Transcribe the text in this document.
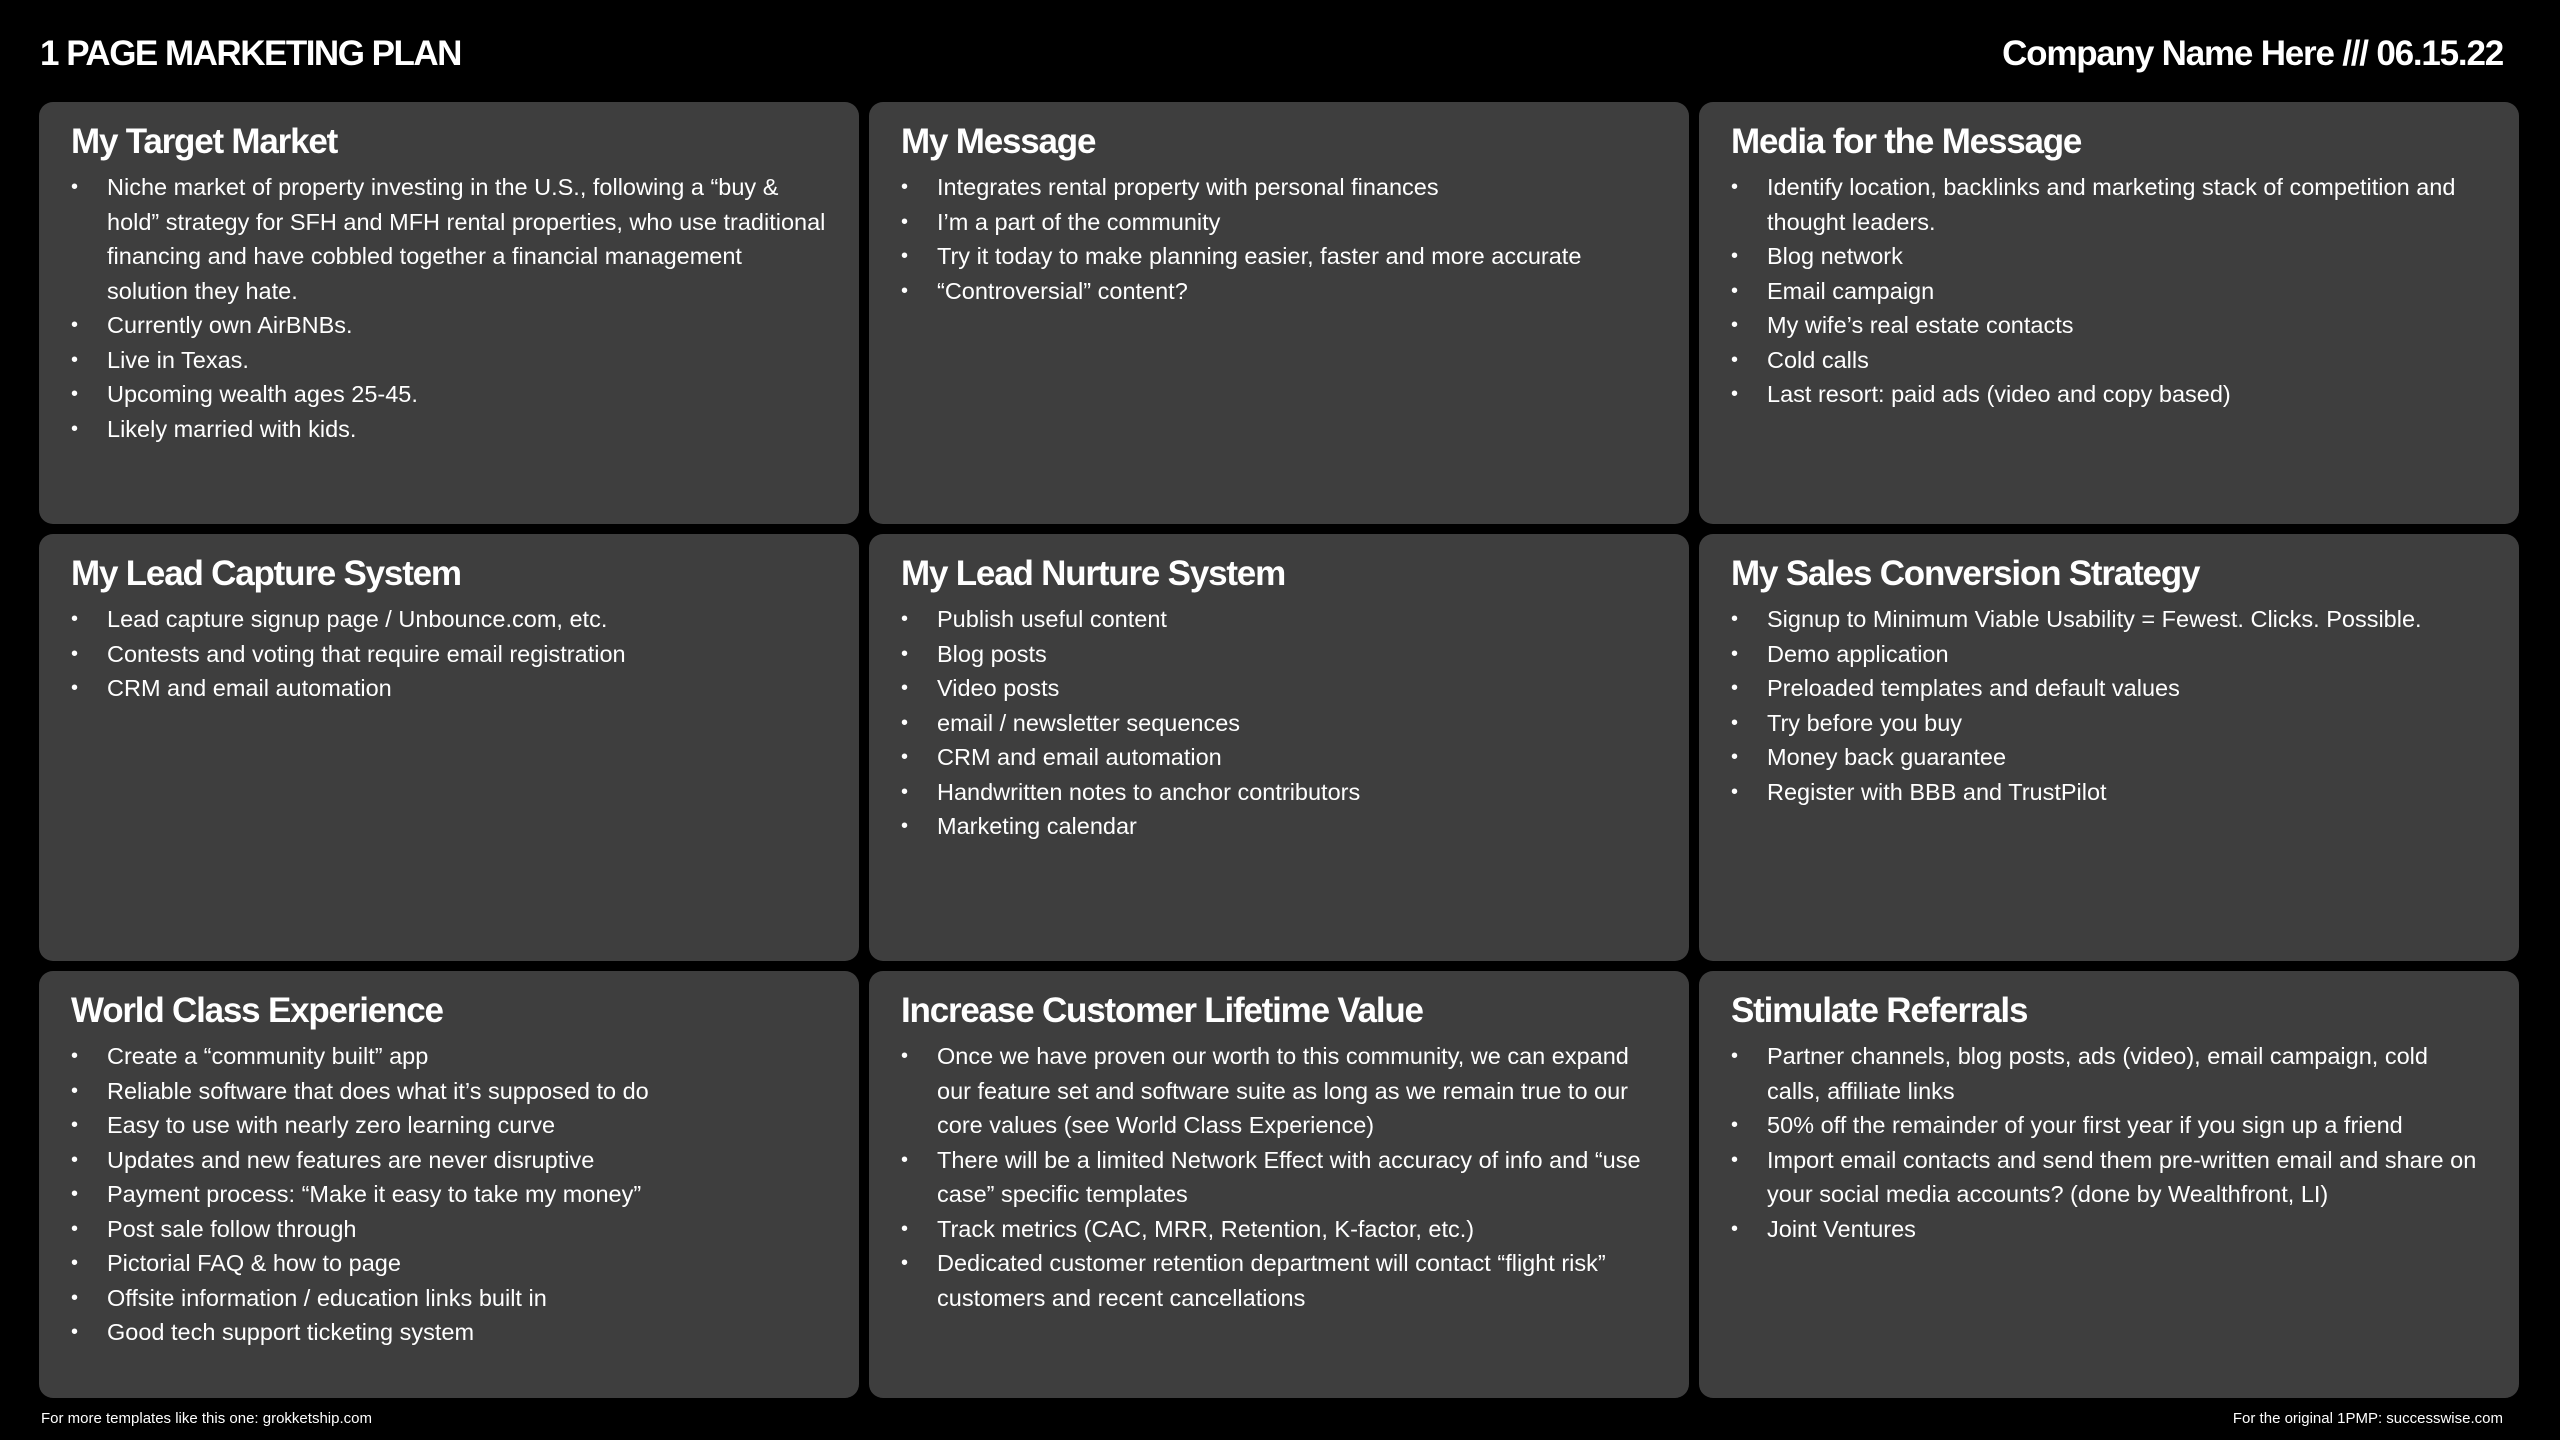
1 PAGE MARKETING PLAN	Company Name Here /// 06.15.22
My Target Market
• Niche market of property investing in the U.S., following a “buy & hold” strategy for SFH and MFH rental properties, who use traditional financing and have cobbled together a financial management solution they hate.
• Currently own AirBNBs.
• Live in Texas.
• Upcoming wealth ages 25-45.
• Likely married with kids.
My Message
• Integrates rental property with personal finances
• I’m a part of the community
• Try it today to make planning easier, faster and more accurate
• “Controversial” content?
Media for the Message
• Identify location, backlinks and marketing stack of competition and thought leaders.
• Blog network
• Email campaign
• My wife’s real estate contacts
• Cold calls
• Last resort: paid ads (video and copy based)
My Lead Capture System
• Lead capture signup page / Unbounce.com, etc.
• Contests and voting that require email registration
• CRM and email automation
My Lead Nurture System
• Publish useful content
• Blog posts
• Video posts
• email / newsletter sequences
• CRM and email automation
• Handwritten notes to anchor contributors
• Marketing calendar
My Sales Conversion Strategy
• Signup to Minimum Viable Usability = Fewest. Clicks. Possible.
• Demo application
• Preloaded templates and default values
• Try before you buy
• Money back guarantee
• Register with BBB and TrustPilot
World Class Experience
• Create a “community built” app
• Reliable software that does what it’s supposed to do
• Easy to use with nearly zero learning curve
• Updates and new features are never disruptive
• Payment process: “Make it easy to take my money”
• Post sale follow through
• Pictorial FAQ & how to page
• Offsite information / education links built in
• Good tech support ticketing system
Increase Customer Lifetime Value
• Once we have proven our worth to this community, we can expand our feature set and software suite as long as we remain true to our core values (see World Class Experience)
• There will be a limited Network Effect with accuracy of info and “use case” specific templates
• Track metrics (CAC, MRR, Retention, K-factor, etc.)
• Dedicated customer retention department will contact “flight risk” customers and recent cancellations
Stimulate Referrals
• Partner channels, blog posts, ads (video), email campaign, cold calls, affiliate links
• 50% off the remainder of your first year if you sign up a friend
• Import email contacts and send them pre-written email and share on your social media accounts? (done by Wealthfront, LI)
• Joint Ventures
For more templates like this one: grokketship.com	For the original 1PMP: successwise.com
